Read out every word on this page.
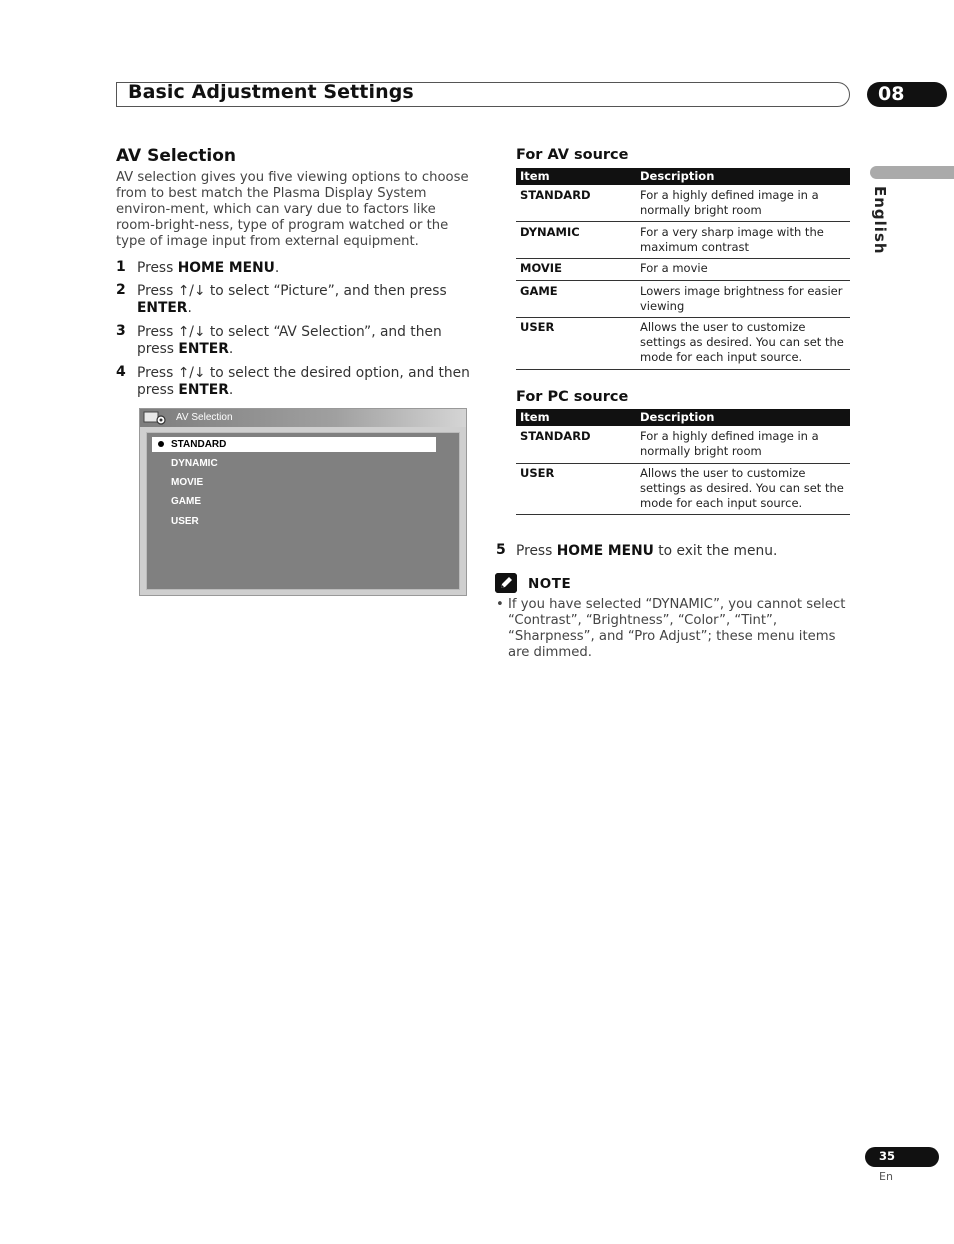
Basic Adjustment Settings	08
English
AV Selection
AV selection gives you five viewing options to choose from to best match the Plasma Display System environ-ment, which can vary due to factors like room-bright-ness, type of program watched or the type of image input from external equipment.
1 Press HOME MENU.
2 Press ↑/↓ to select “Picture”, and then press ENTER.
3 Press ↑/↓ to select “AV Selection”, and then press ENTER.
4 Press ↑/↓ to select the desired option, and then press ENTER.
AV Selection
STANDARD
DYNAMIC
MOVIE
GAME
USER
For AV source
Item	Description
STANDARD	For a highly defined image in a normally bright room
DYNAMIC	For a very sharp image with the maximum contrast
MOVIE	For a movie
GAME	Lowers image brightness for easier viewing
USER	Allows the user to customize settings as desired. You can set the mode for each input source.
For PC source
Item	Description
STANDARD	For a highly defined image in a normally bright room
USER	Allows the user to customize settings as desired. You can set the mode for each input source.
5 Press HOME MENU to exit the menu.
NOTE
• If you have selected “DYNAMIC”, you cannot select “Contrast”, “Brightness”, “Color”, “Tint”, “Sharpness”, and “Pro Adjust”; these menu items are dimmed.
35
En
